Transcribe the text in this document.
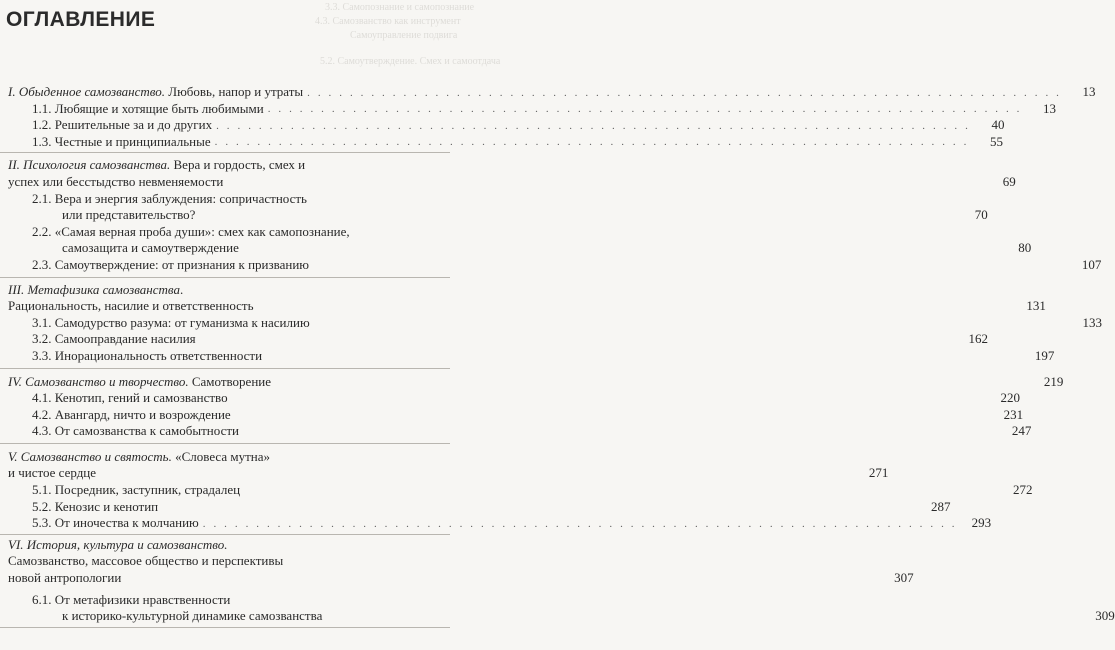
3.3. Самопознание и самопознание
4.3. Самозванство как инструмент
Самоуправление подвига
5.2. Самоутверждение. Смех и самоотдача
ОГЛАВЛЕНИЕ
I. Обыденное самозванство. Любовь, напор и утраты . . .	13
1.1. Любящие и хотящие быть любимыми . . .	13
1.2. Решительные за и до других . . .	40
1.3. Честные и принципиальные . . .	55
II. Психология самозванства. Вера и гордость, смех и
успех или бесстыдство невменяемости	69
2.1. Вера и энергия заблуждения: сопричастность
или представительство?	70
2.2. «Самая верная проба души»: смех как самопознание,
самозащита и самоутверждение	80
2.3. Самоутверждение: от признания к призванию	107
III. Метафизика самозванства.
Рациональность, насилие и ответственность	131
3.1. Самодурство разума: от гуманизма к насилию	133
3.2. Самооправдание насилия	162
3.3. Инорациональность ответственности	197
IV. Самозванство и творчество. Самотворение	219
4.1. Кенотип, гений и самозванство	220
4.2. Авангард, ничто и возрождение	231
4.3. От самозванства к самобытности	247
V. Самозванство и святость. «Словеса мутна»
и чистое сердце	271
5.1. Посредник, заступник, страдалец	272
5.2. Кенозис и кенотип	287
5.3. От иночества к молчанию . . .	293
VI. История, культура и самозванство.
Самозванство, массовое общество и перспективы
новой антропологии	307
6.1. От метафизики нравственности
к историко-культурной динамике самозванства	309
